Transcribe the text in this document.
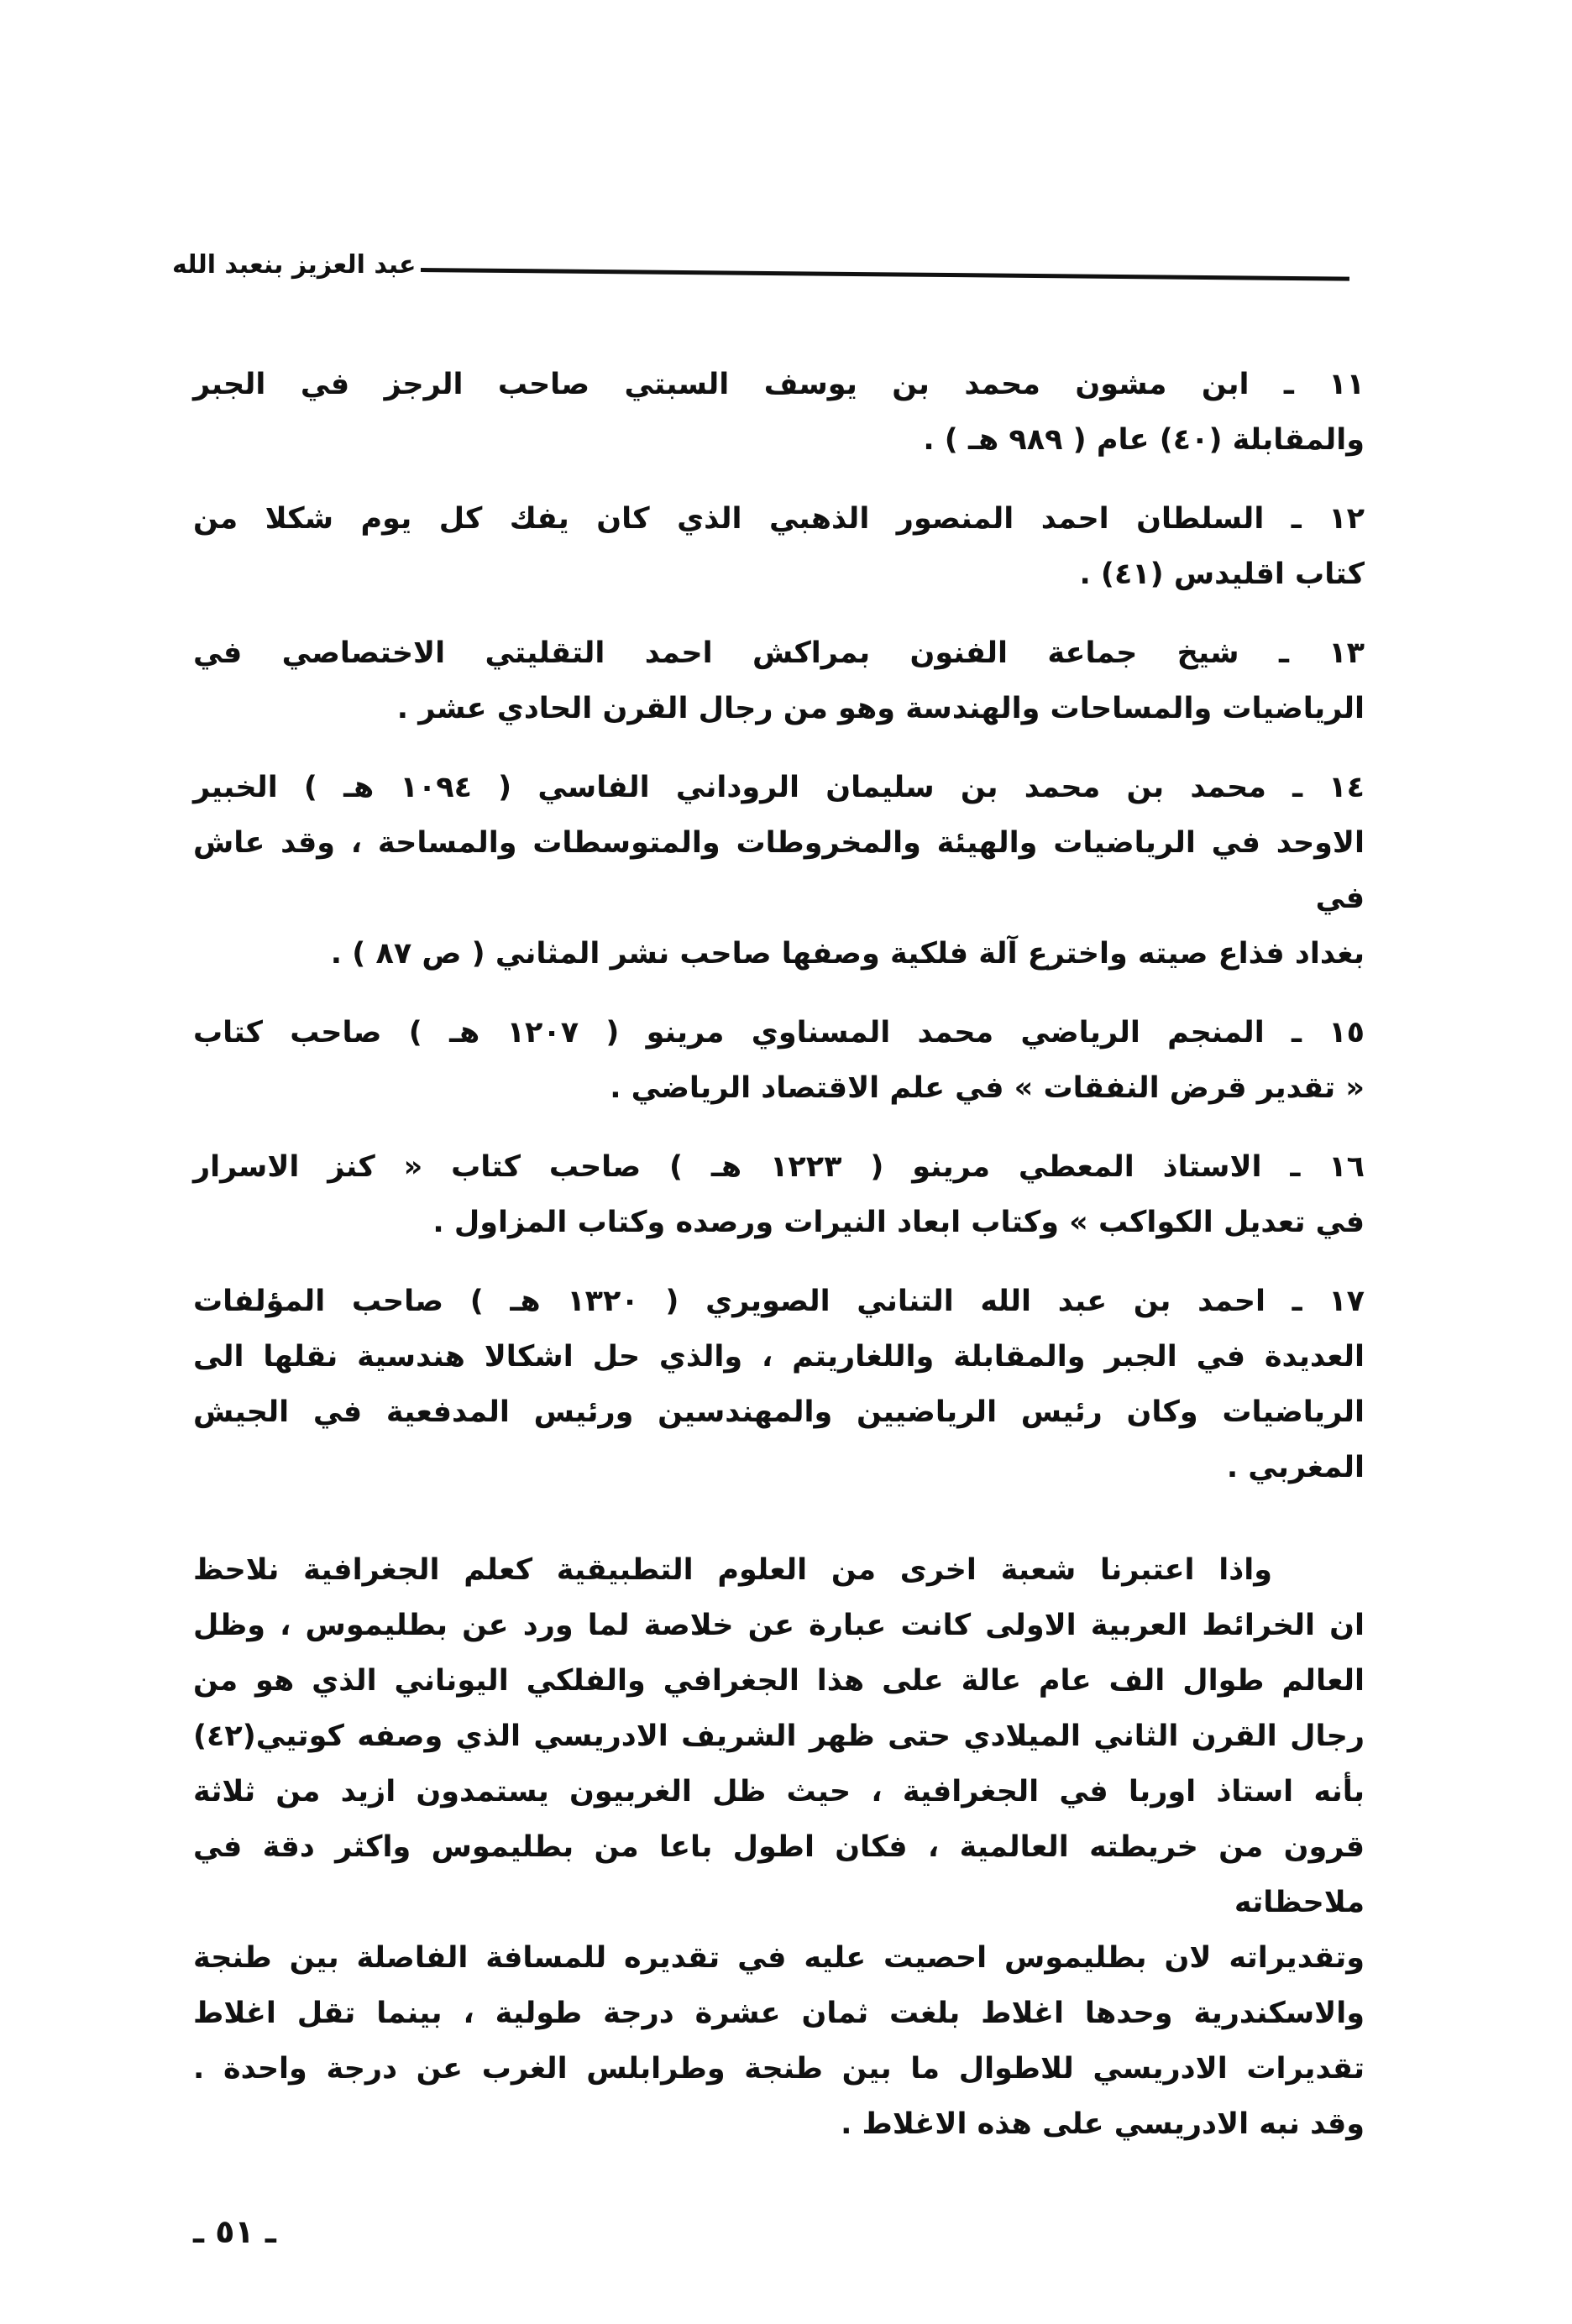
عبد العزيز بنعبد الله
١١ ـ ابن مشون محمد بن يوسف السبتي صاحب الرجز في الجبر
والمقابلة (٤٠) عام ( ٩٨٩ هـ ) .
١٢ ـ السلطان احمد المنصور الذهبي الذي كان يفك كل يوم شكلا من
كتاب اقليدس (٤١) .
١٣ ـ شيخ جماعة الفنون بمراكش احمد التقليتي الاختصاصي في
الرياضيات والمساحات والهندسة وهو من رجال القرن الحادي عشر .
١٤ ـ محمد بن محمد بن سليمان الروداني الفاسي ( ١٠٩٤ هـ ) الخبير
الاوحد في الرياضيات والهيئة والمخروطات والمتوسطات والمساحة ، وقد عاش في
بغداد فذاع صيته واخترع آلة فلكية وصفها صاحب نشر المثاني ( ص ٨٧ ) .
١٥ ـ المنجم الرياضي محمد المسناوي مرينو ( ١٢٠٧ هـ ) صاحب كتاب
« تقدير قرض النفقات » في علم الاقتصاد الرياضي .
١٦ ـ الاستاذ المعطي مرينو ( ١٢٢٣ هـ ) صاحب كتاب « كنز الاسرار
في تعديل الكواكب » وكتاب ابعاد النيرات ورصده وكتاب المزاول .
١٧ ـ احمد بن عبد الله التناني الصويري ( ١٣٢٠ هـ ) صاحب المؤلفات
العديدة في الجبر والمقابلة واللغاريتم ، والذي حل اشكالا هندسية نقلها الى
الرياضيات وكان رئيس الرياضيين والمهندسين ورئيس المدفعية في الجيش
المغربي .
واذا اعتبرنا شعبة اخرى من العلوم التطبيقية كعلم الجغرافية نلاحظ
ان الخرائط العربية الاولى كانت عبارة عن خلاصة لما ورد عن بطليموس ، وظل
العالم طوال الف عام عالة على هذا الجغرافي والفلكي اليوناني الذي هو من
رجال القرن الثاني الميلادي حتى ظهر الشريف الادريسي الذي وصفه كوتيي(٤٢)
بأنه استاذ اوربا في الجغرافية ، حيث ظل الغربيون يستمدون ازيد من ثلاثة
قرون من خريطته العالمية ، فكان اطول باعا من بطليموس واكثر دقة في ملاحظاته
وتقديراته لان بطليموس احصيت عليه في تقديره للمسافة الفاصلة بين طنجة
والاسكندرية وحدها اغلاط بلغت ثمان عشرة درجة طولية ، بينما تقل اغلاط
تقديرات الادريسي للاطوال ما بين طنجة وطرابلس الغرب عن درجة واحدة .
وقد نبه الادريسي على هذه الاغلاط .
ـ ٥١ ـ
